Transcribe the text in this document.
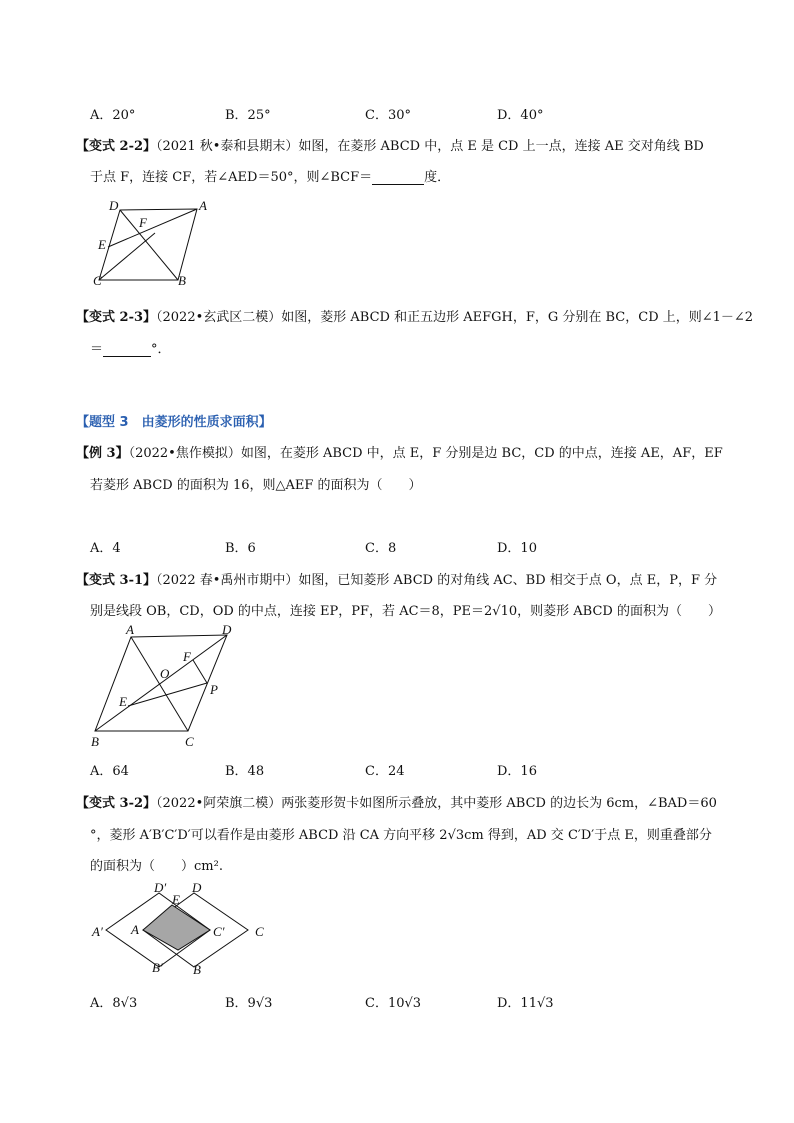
A．20°	B．25°	C．30°	D．40°
【变式 2-2】（2021 秋•泰和县期末）如图，在菱形 ABCD 中，点 E 是 CD 上一点，连接 AE 交对角线 BD
于点 F，连接 CF，若∠AED＝50°，则∠BCF＝	度．
D	A
F
E
C	B
【变式 2-3】（2022•玄武区二模）如图，菱形 ABCD 和正五边形 AEFGH，F，G 分别在 BC，CD 上，则∠1－∠2
＝	°．
【题型 3　由菱形的性质求面积】
【例 3】（2022•焦作模拟）如图，在菱形 ABCD 中，点 E，F 分别是边 BC，CD 的中点，连接 AE，AF，EF
若菱形 ABCD 的面积为 16，则△AEF 的面积为（　　）
A．4	B．6	C．8	D．10
【变式 3-1】（2022 春•禹州市期中）如图，已知菱形 ABCD 的对角线 AC、BD 相交于点 O，点 E，P，F 分
别是线段 OB，CD，OD 的中点，连接 EP，PF，若 AC＝8，PE＝2√10，则菱形 ABCD 的面积为（　　）
A	D
F
O
P
E
B	C
A．64	B．48	C．24	D．16
【变式 3-2】（2022•阿荣旗二模）两张菱形贺卡如图所示叠放，其中菱形 ABCD 的边长为 6cm，∠BAD＝60
°，菱形 A′B′C′D′可以看作是由菱形 ABCD 沿 CA 方向平移 2√3cm 得到，AD 交 C′D′于点 E，则重叠部分
的面积为（　　）cm².
D′ D
E
A′ A	C′ C
B′ B
A．8√3	B．9√3	C．10√3	D．11√3
